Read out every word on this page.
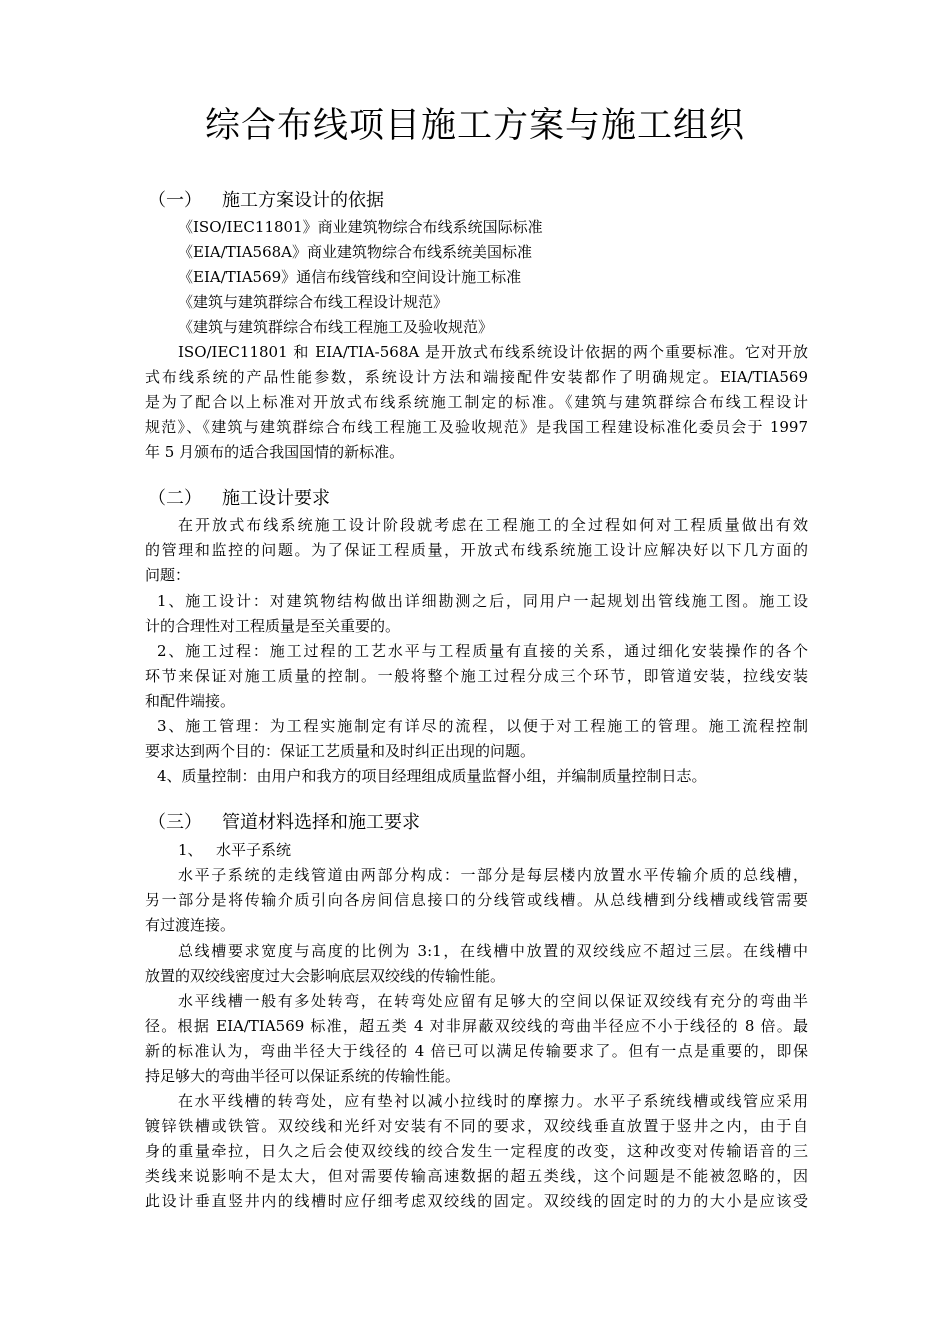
综合布线项目施工方案与施工组织
（一） 施工方案设计的依据
《ISO/IEC11801》商业建筑物综合布线系统国际标准
《EIA/TIA568A》商业建筑物综合布线系统美国标准
《EIA/TIA569》通信布线管线和空间设计施工标准
《建筑与建筑群综合布线工程设计规范》
《建筑与建筑群综合布线工程施工及验收规范》
ISO/IEC11801 和 EIA/TIA-568A 是开放式布线系统设计依据的两个重要标准。它对开放
式布线系统的产品性能参数，系统设计方法和端接配件安装都作了明确规定。EIA/TIA569
是为了配合以上标准对开放式布线系统施工制定的标准。《建筑与建筑群综合布线工程设计
规范》、《建筑与建筑群综合布线工程施工及验收规范》是我国工程建设标准化委员会于 1997
年 5 月颁布的适合我国国情的新标准。
（二） 施工设计要求
在开放式布线系统施工设计阶段就考虑在工程施工的全过程如何对工程质量做出有效
的管理和监控的问题。为了保证工程质量，开放式布线系统施工设计应解决好以下几方面的
问题：
1、施工设计：对建筑物结构做出详细勘测之后，同用户一起规划出管线施工图。施工设
计的合理性对工程质量是至关重要的。
2、施工过程：施工过程的工艺水平与工程质量有直接的关系，通过细化安装操作的各个
环节来保证对施工质量的控制。一般将整个施工过程分成三个环节，即管道安装，拉线安装
和配件端接。
3、施工管理：为工程实施制定有详尽的流程，以便于对工程施工的管理。施工流程控制
要求达到两个目的：保证工艺质量和及时纠正出现的问题。
4、质量控制：由用户和我方的项目经理组成质量监督小组，并编制质量控制日志。
（三） 管道材料选择和施工要求
1、 水平子系统
水平子系统的走线管道由两部分构成：一部分是每层楼内放置水平传输介质的总线槽，
另一部分是将传输介质引向各房间信息接口的分线管或线槽。从总线槽到分线槽或线管需要
有过渡连接。
总线槽要求宽度与高度的比例为 3:1，在线槽中放置的双绞线应不超过三层。在线槽中
放置的双绞线密度过大会影响底层双绞线的传输性能。
水平线槽一般有多处转弯，在转弯处应留有足够大的空间以保证双绞线有充分的弯曲半
径。根据 EIA/TIA569 标准，超五类 4 对非屏蔽双绞线的弯曲半径应不小于线径的 8 倍。最
新的标准认为，弯曲半径大于线径的 4 倍已可以满足传输要求了。但有一点是重要的，即保
持足够大的弯曲半径可以保证系统的传输性能。
在水平线槽的转弯处，应有垫衬以减小拉线时的摩擦力。水平子系统线槽或线管应采用
镀锌铁槽或铁管。双绞线和光纤对安装有不同的要求，双绞线垂直放置于竖井之内，由于自
身的重量牵拉，日久之后会使双绞线的绞合发生一定程度的改变，这种改变对传输语音的三
类线来说影响不是太大，但对需要传输高速数据的超五类线，这个问题是不能被忽略的，因
此设计垂直竖井内的线槽时应仔细考虑双绞线的固定。双绞线的固定时的力的大小是应该受
